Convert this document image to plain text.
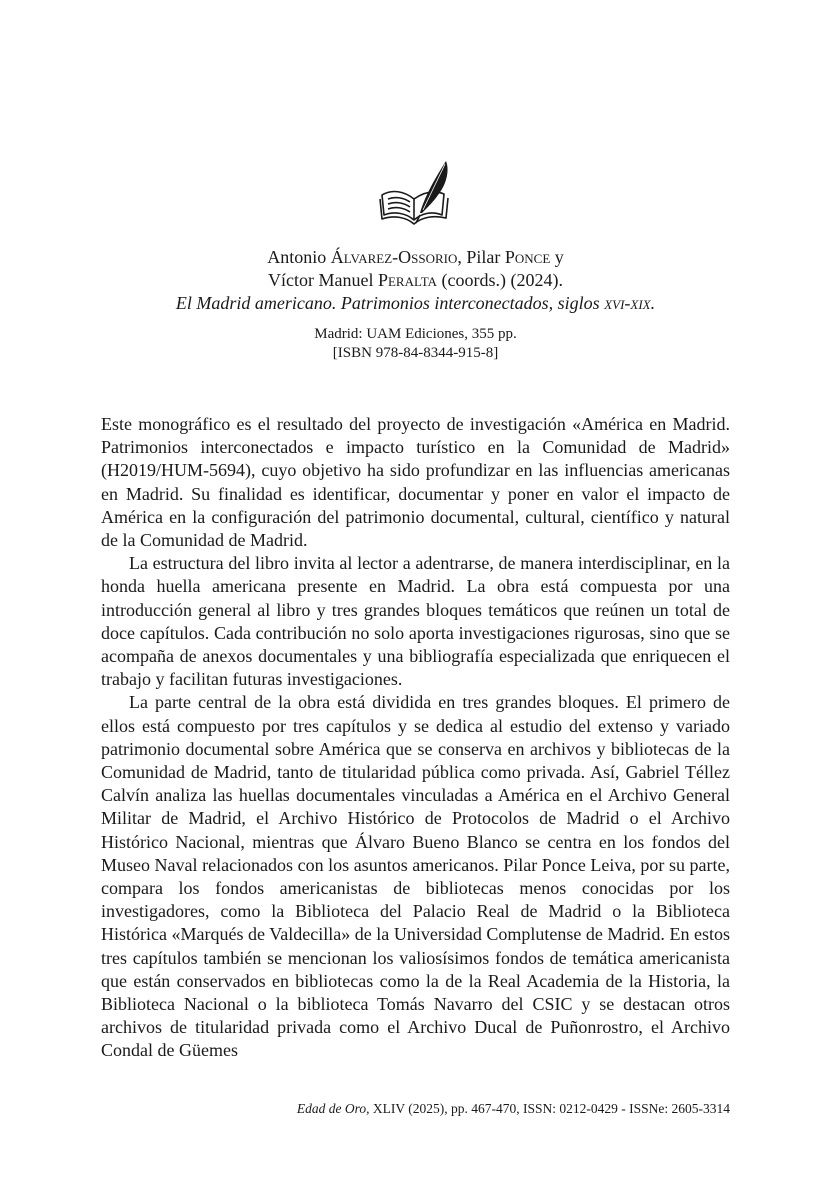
Antonio Álvarez-Ossorio, Pilar Ponce y
Víctor Manuel Peralta (coords.) (2024).
El Madrid americano. Patrimonios interconectados, siglos xvi-xix.
Madrid: UAM Ediciones, 355 pp.
[ISBN 978-84-8344-915-8]

Este monográfico es el resultado del proyecto de investigación «América en Madrid. Patrimonios interconectados e impacto turístico en la Comunidad de Madrid» (H2019/HUM-5694), cuyo objetivo ha sido profundizar en las influencias americanas en Madrid. Su finalidad es identificar, documentar y poner en valor el impacto de América en la configuración del patrimonio documental, cultural, científico y natural de la Comunidad de Madrid.

La estructura del libro invita al lector a adentrarse, de manera interdisciplinar, en la honda huella americana presente en Madrid. La obra está compuesta por una introducción general al libro y tres grandes bloques temáticos que reúnen un total de doce capítulos. Cada contribución no solo aporta investigaciones rigurosas, sino que se acompaña de anexos documentales y una bibliografía especializada que enriquecen el trabajo y facilitan futuras investigaciones.

La parte central de la obra está dividida en tres grandes bloques. El primero de ellos está compuesto por tres capítulos y se dedica al estudio del extenso y variado patrimonio documental sobre América que se conserva en archivos y bibliotecas de la Comunidad de Madrid, tanto de titularidad pública como privada. Así, Gabriel Téllez Calvín analiza las huellas documentales vinculadas a América en el Archivo General Militar de Madrid, el Archivo Histórico de Protocolos de Madrid o el Archivo Histórico Nacional, mientras que Álvaro Bueno Blanco se centra en los fondos del Museo Naval relacionados con los asuntos americanos. Pilar Ponce Leiva, por su parte, compara los fondos americanistas de bibliotecas menos conocidas por los investigadores, como la Biblioteca del Palacio Real de Madrid o la Biblioteca Histórica «Marqués de Valdecilla» de la Universidad Complutense de Madrid. En estos tres capítulos también se mencionan los valiosísimos fondos de temática americanista que están conservados en bibliotecas como la de la Real Academia de la Historia, la Biblioteca Nacional o la biblioteca Tomás Navarro del CSIC y se destacan otros archivos de titularidad privada como el Archivo Ducal de Puñonrostro, el Archivo Condal de Güemes

Edad de Oro, XLIV (2025), pp. 467-470, ISSN: 0212-0429 - ISSNe: 2605-3314
